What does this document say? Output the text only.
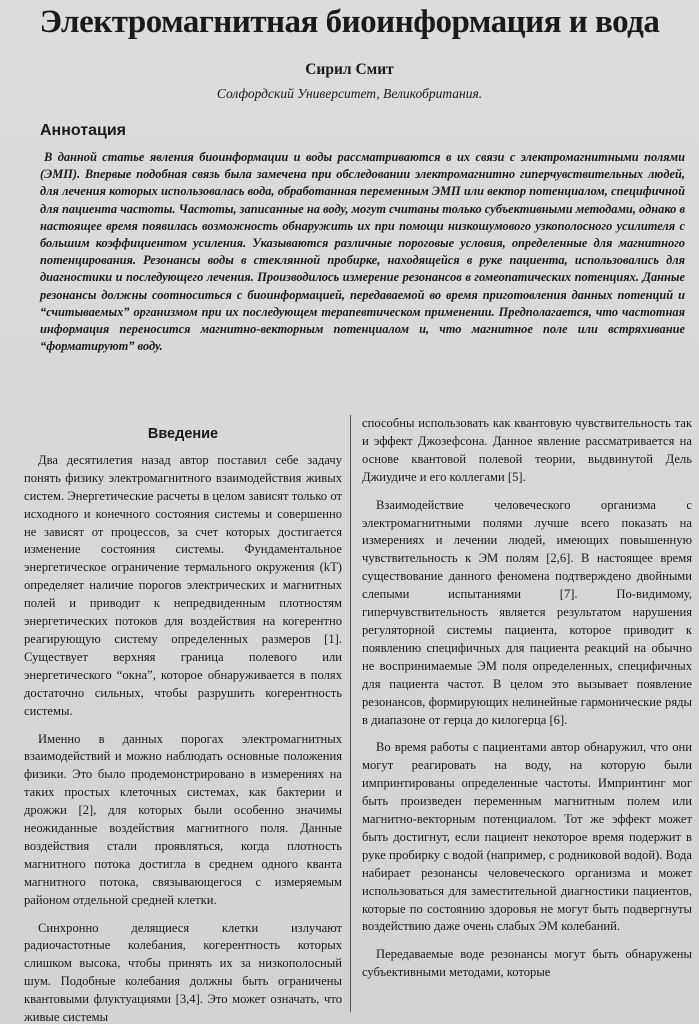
Электромагнитная биоинформация и вода
Сирил Смит
Солфордский Университет, Великобритания.
Аннотация

В данной статье явления биоинформации и воды рассматриваются в их связи с электромагнитными полями (ЭМП). Впервые подобная связь была замечена при обследовании электромагнитно гиперчувствительных людей, для лечения которых использовалась вода, обработанная переменным ЭМП или вектор потенциалом, специфичной для пациента частоты. Частоты, записанные на воду, могут считаны только субъективными методами, однако в настоящее время появилась возможность обнаружить их при помощи низкошумового узкополосного усилителя с большим коэффициентом усиления. Указываются различные пороговые условия, определенные для магнитного потенцирования. Резонансы воды в стеклянной пробирке, находящейся в руке пациента, использовались для диагностики и последующего лечения. Производилось измерение резонансов в гомеопатических потенциях. Данные резонансы должны соотноситься с биоинформацией, передаваемой во время приготовления данных потенций и “считываемых” организмом при их последующем терапевтическом применении. Предполагается, что частотная информация переносится магнитно-векторным потенциалом и, что магнитное поле или встряхивание “форматируют” воду.

Введение

Два десятилетия назад автор поставил себе задачу понять физику электромагнитного взаимодействия живых систем. Энергетические расчеты в целом зависят только от исходного и конечного состояния системы и совершенно не зависят от процессов, за счет которых достигается изменение состояния системы. Фундаментальное энергетическое ограничение термального окружения (kT) определяет наличие порогов электрических и магнитных полей и приводит к непредвиденным плотностям энергетических потоков для воздействия на когерентно реагирующую систему определенных размеров [1]. Существует верхняя граница полевого или энергетического “окна”, которое обнаруживается в полях достаточно сильных, чтобы разрушить когерентность системы.

Именно в данных порогах электромагнитных взаимодействий и можно наблюдать основные положения физики. Это было продемонстрировано в измерениях на таких простых клеточных системах, как бактерии и дрожжи [2], для которых были особенно значимы неожиданные воздействия магнитного поля. Данные воздействия стали проявляться, когда плотность магнитного потока достигла в среднем одного кванта магнитного потока, связывающегося с измеряемым районом отдельной средней клетки.

Синхронно делящиеся клетки излучают радиочастотные колебания, когерентность которых слишком высока, чтобы принять их за низкополосный шум. Подобные колебания должны быть ограничены квантовыми флуктуациями [3,4]. Это может означать, что живые системы

способны использовать как квантовую чувствительность так и эффект Джозефсона. Данное явление рассматривается на основе квантовой полевой теории, выдвинутой Дель Джиудиче и его коллегами [5].

Взаимодействие человеческого организма с электромагнитными полями лучше всего показать на измерениях и лечении людей, имеющих повышенную чувствительность к ЭМ полям [2,6]. В настоящее время существование данного феномена подтверждено двойными слепыми испытаниями [7]. По-видимому, гиперчувствительность является результатом нарушения регуляторной системы пациента, которое приводит к появлению специфичных для пациента реакций на обычно не воспринимаемые ЭМ поля определенных, специфичных для пациента частот. В целом это вызывает появление резонансов, формирующих нелинейные гармонические ряды в диапазоне от герца до килогерца [6].

Во время работы с пациентами автор обнаружил, что они могут реагировать на воду, на которую были импринтированы определенные частоты. Импринтинг мог быть произведен переменным магнитным полем или магнитно-векторным потенциалом. Тот же эффект может быть достигнут, если пациент некоторое время подержит в руке пробирку с водой (например, с родниковой водой). Вода набирает резонансы человеческого организма и может использоваться для заместительной диагностики пациентов, которые по состоянию здоровья не могут быть подвергнуты воздействию даже очень слабых ЭМ колебаний.

Передаваемые воде резонансы могут быть обнаружены субъективными методами, которые
